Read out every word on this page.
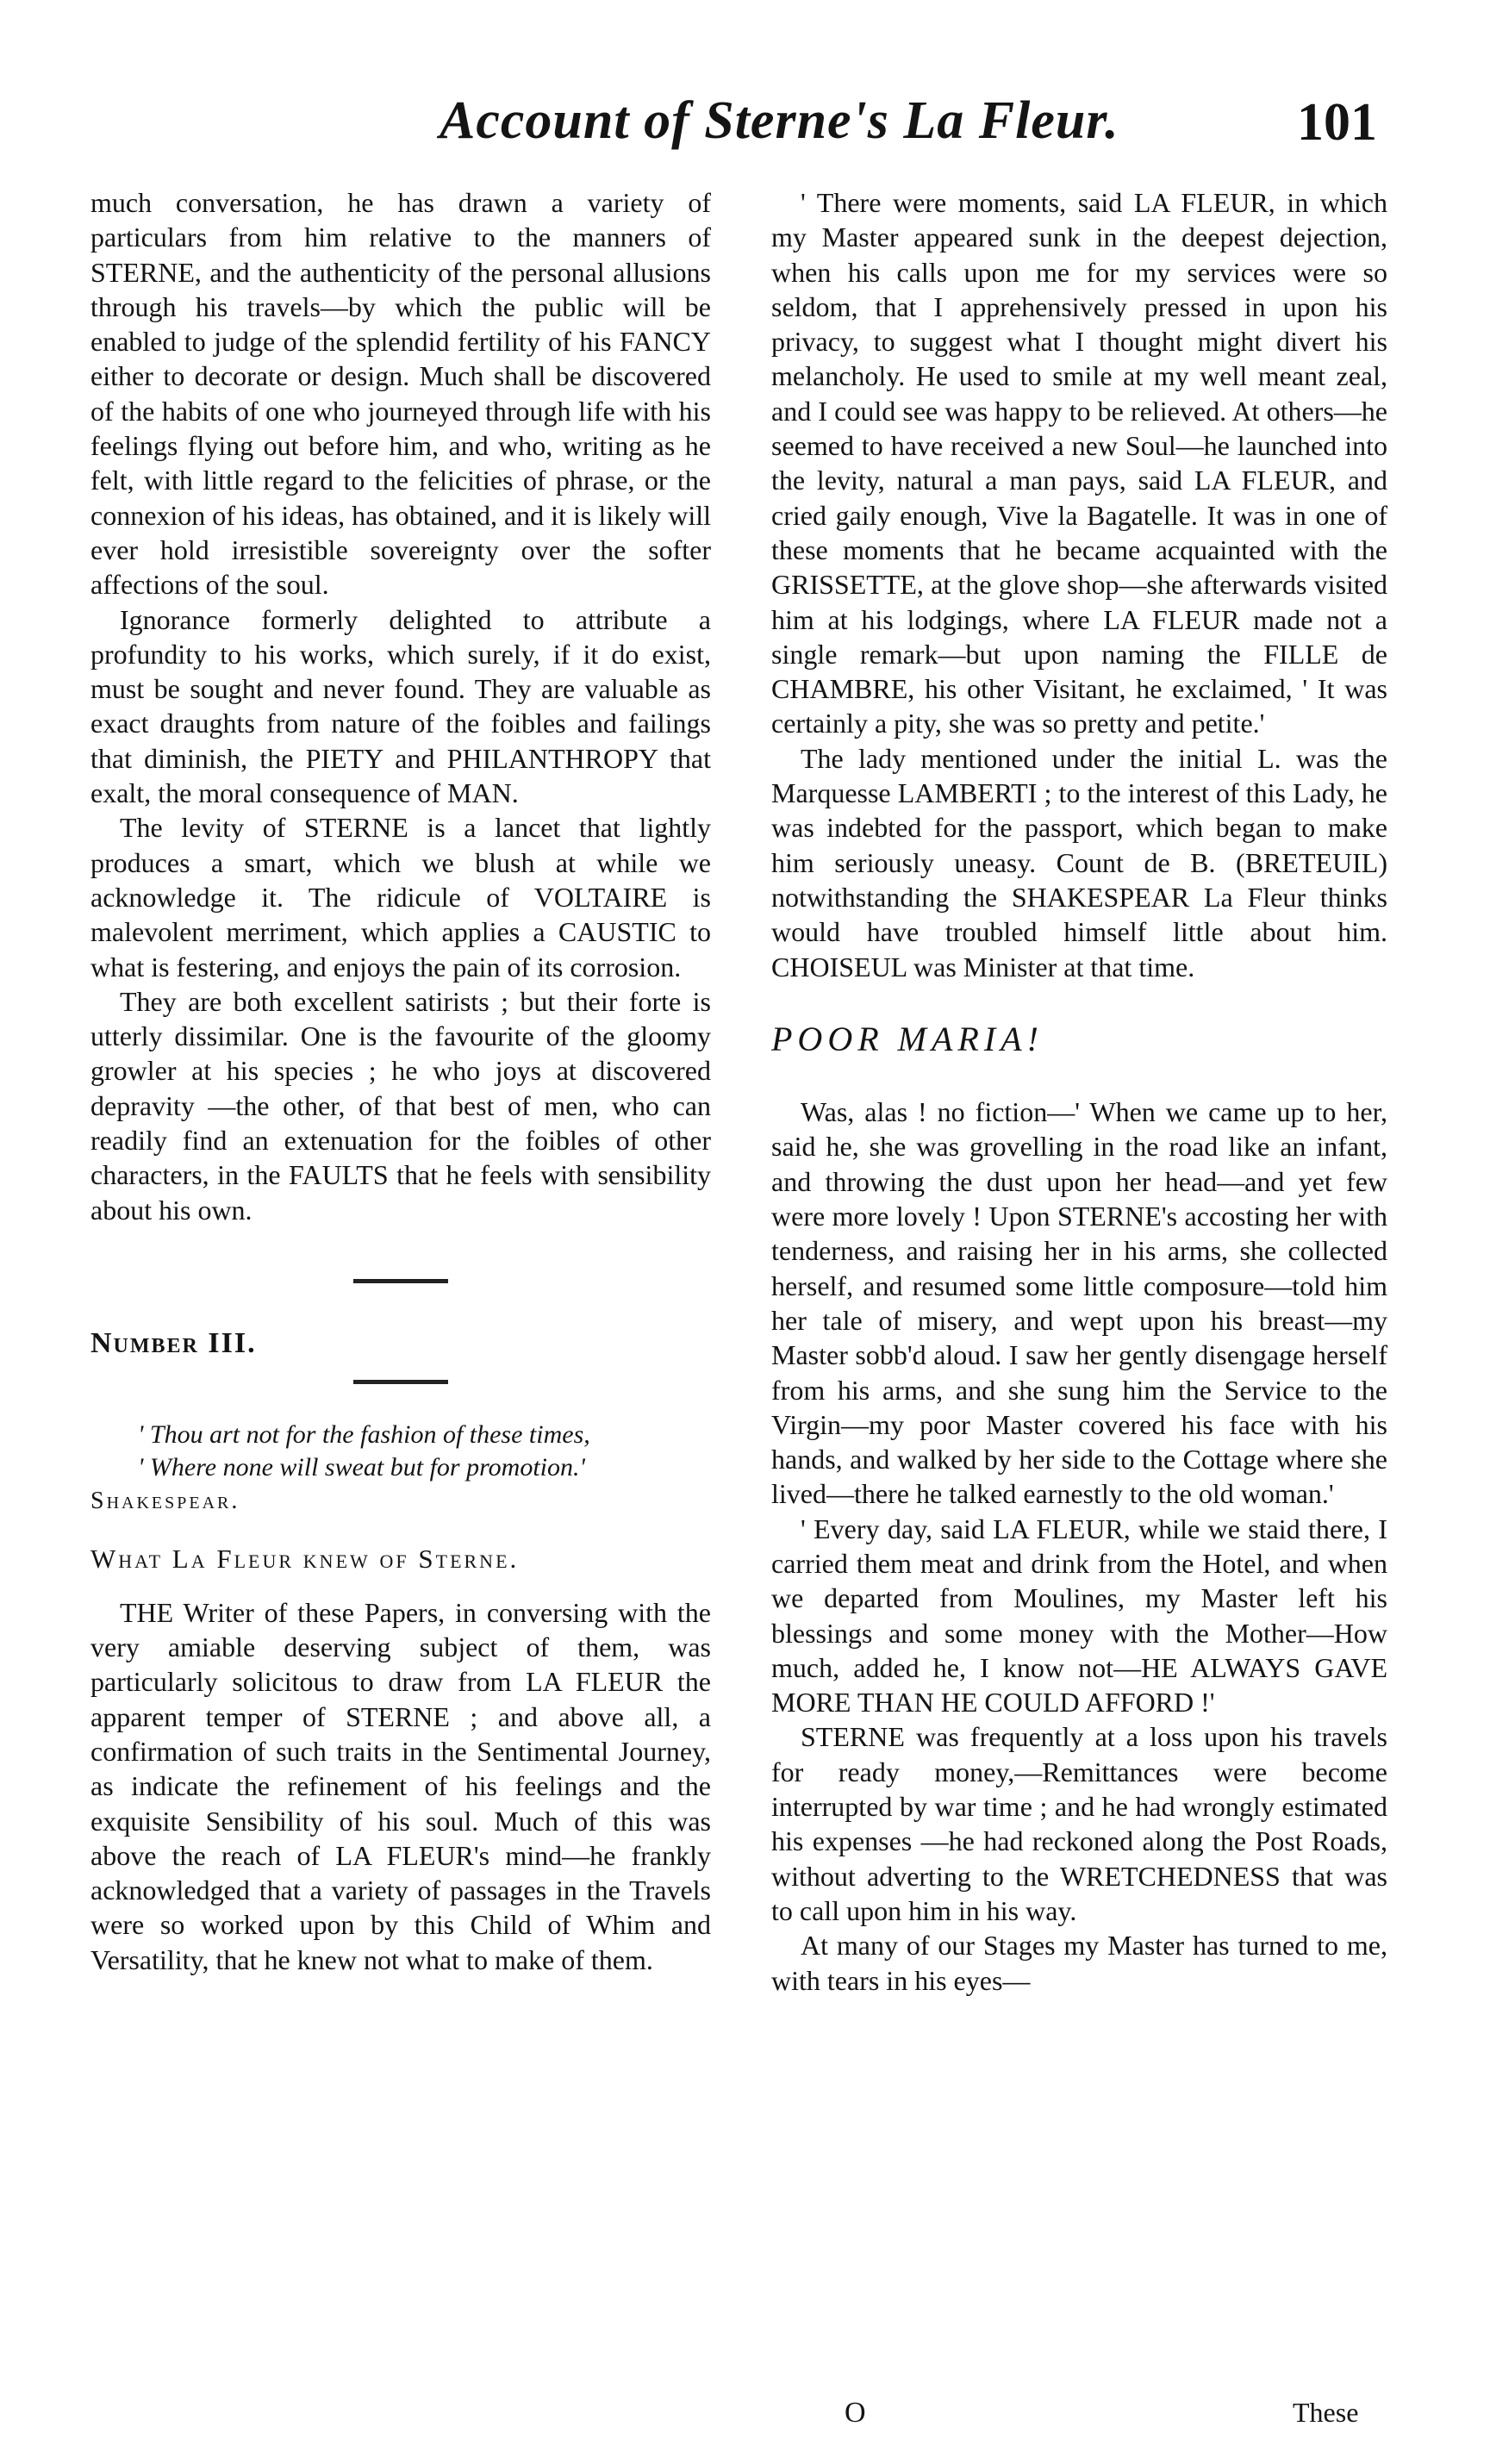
Account of Sterne's La Fleur.	101

much conversation, he has drawn a variety of particulars from him relative to the manners of STERNE, and the authenticity of the personal allusions through his travels—by which the public will be enabled to judge of the splendid fertility of his FANCY either to decorate or design. Much shall be discovered of the habits of one who journeyed through life with his feelings flying out before him, and who, writing as he felt, with little regard to the felicities of phrase, or the connexion of his ideas, has obtained, and it is likely will ever hold irresistible sovereignty over the softer affections of the soul.

Ignorance formerly delighted to attribute a profundity to his works, which surely, if it do exist, must be sought and never found. They are valuable as exact draughts from nature of the foibles and failings that diminish, the PIETY and PHILANTHROPY that exalt, the moral consequence of MAN.

The levity of STERNE is a lancet that lightly produces a smart, which we blush at while we acknowledge it. The ridicule of VOLTAIRE is malevolent merriment, which applies a CAUSTIC to what is festering, and enjoys the pain of its corrosion.

They are both excellent satirists ; but their forte is utterly dissimilar. One is the favourite of the gloomy growler at his species ; he who joys at discovered depravity —the other, of that best of men, who can readily find an extenuation for the foibles of other characters, in the FAULTS that he feels with sensibility about his own.

Number III.

' Thou art not for the fashion of these times,

' Where none will sweat but for promotion.'

Shakespear.

What La Fleur knew of Sterne.

THE Writer of these Papers, in conversing with the very amiable deserving subject of them, was particularly solicitous to draw from LA FLEUR the apparent temper of STERNE ; and above all, a confirmation of such traits in the Sentimental Journey, as indicate the refinement of his feelings and the exquisite Sensibility of his soul. Much of this was above the reach of LA FLEUR's mind—he frankly acknowledged that a variety of passages in the Travels were so worked upon by this Child of Whim and Versatility, that he knew not what to make of them.

' There were moments, said LA FLEUR, in which my Master appeared sunk in the deepest dejection, when his calls upon me for my services were so seldom, that I apprehensively pressed in upon his privacy, to suggest what I thought might divert his melancholy. He used to smile at my well meant zeal, and I could see was happy to be relieved. At others—he seemed to have received a new Soul—he launched into the levity, natural a man pays, said LA FLEUR, and cried gaily enough, Vive la Bagatelle. It was in one of these moments that he became acquainted with the GRISSETTE, at the glove shop—she afterwards visited him at his lodgings, where LA FLEUR made not a single remark—but upon naming the FILLE de CHAMBRE, his other Visitant, he exclaimed, ' It was certainly a pity, she was so pretty and petite.'

The lady mentioned under the initial L. was the Marquesse LAMBERTI ; to the interest of this Lady, he was indebted for the passport, which began to make him seriously uneasy. Count de B. (BRETEUIL) notwithstanding the SHAKESPEAR La Fleur thinks would have troubled himself little about him. CHOISEUL was Minister at that time.

POOR MARIA!

Was, alas ! no fiction—' When we came up to her, said he, she was grovelling in the road like an infant, and throwing the dust upon her head—and yet few were more lovely ! Upon STERNE's accosting her with tenderness, and raising her in his arms, she collected herself, and resumed some little composure—told him her tale of misery, and wept upon his breast—my Master sobb'd aloud. I saw her gently disengage herself from his arms, and she sung him the Service to the Virgin—my poor Master covered his face with his hands, and walked by her side to the Cottage where she lived—there he talked earnestly to the old woman.'

' Every day, said LA FLEUR, while we staid there, I carried them meat and drink from the Hotel, and when we departed from Moulines, my Master left his blessings and some money with the Mother—How much, added he, I know not—HE ALWAYS GAVE MORE THAN HE COULD AFFORD !'

STERNE was frequently at a loss upon his travels for ready money,—Remittances were become interrupted by war time ; and he had wrongly estimated his expenses —he had reckoned along the Post Roads, without adverting to the WRETCHEDNESS that was to call upon him in his way.

At many of our Stages my Master has turned to me, with tears in his eyes—

O	These
